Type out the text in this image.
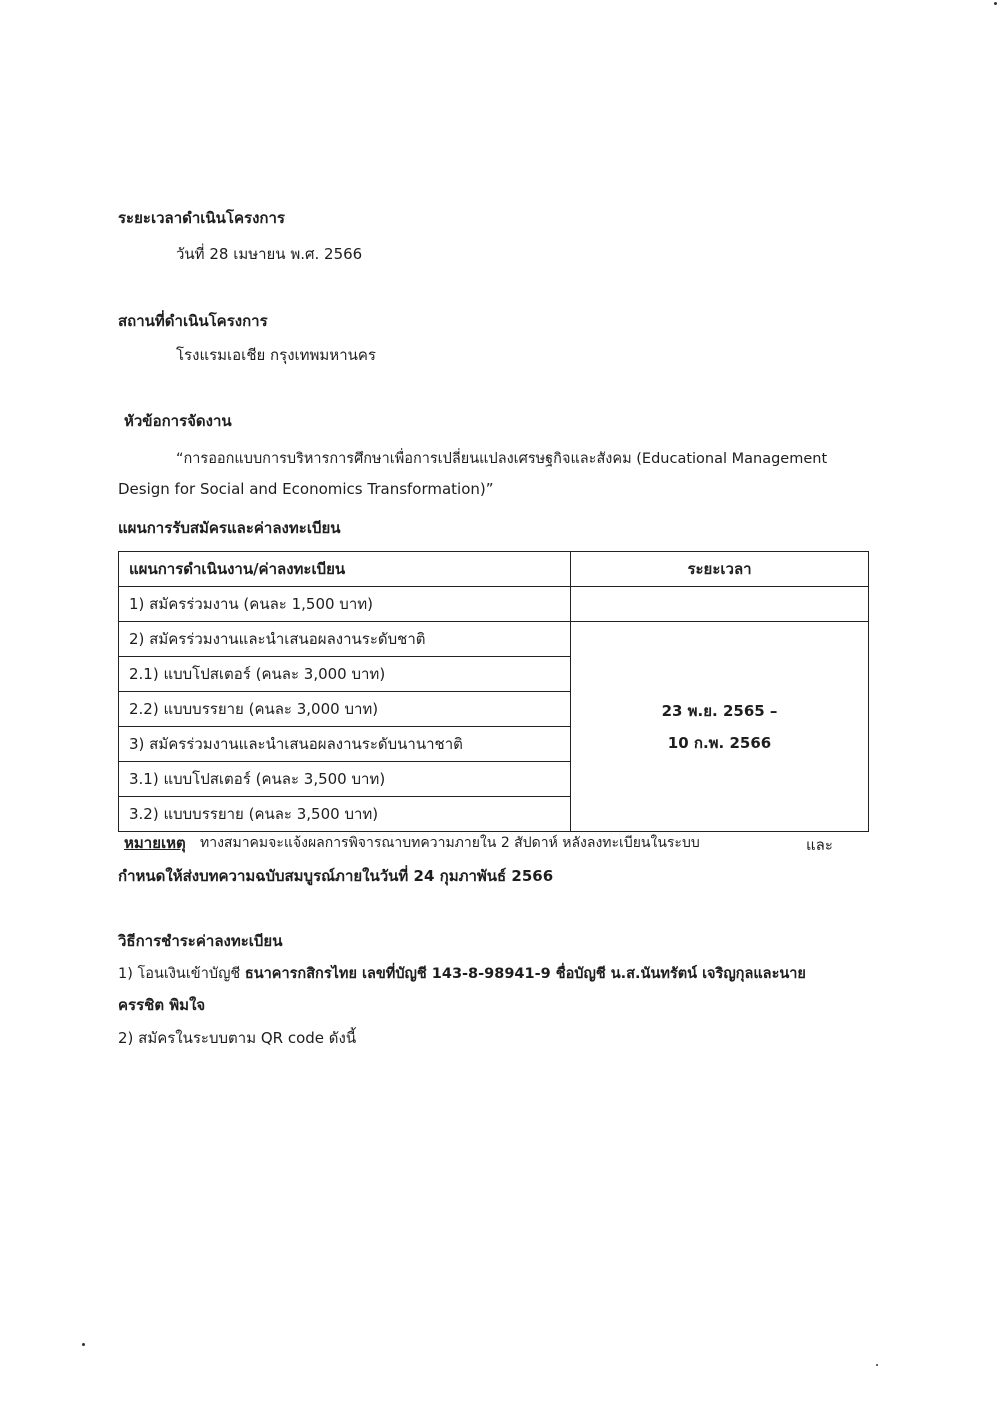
ระยะเวลาดำเนินโครงการ
วันที่ 28 เมษายน พ.ศ. 2566
สถานที่ดำเนินโครงการ
โรงแรมเอเชีย กรุงเทพมหานคร
หัวข้อการจัดงาน
“การออกแบบการบริหารการศึกษาเพื่อการเปลี่ยนแปลงเศรษฐกิจและสังคม (Educational Management
Design for Social and Economics Transformation)”
แผนการรับสมัครและค่าลงทะเบียน
แผนการดำเนินงาน/ค่าลงทะเบียน	ระยะเวลา
1) สมัครร่วมงาน (คนละ 1,500 บาท)	
2) สมัครร่วมงานและนำเสนอผลงานระดับชาติ	23 พ.ย. 2565 –
10 ก.พ. 2566

2.1) แบบโปสเตอร์ (คนละ 3,000 บาท)	
2.2) แบบบรรยาย (คนละ 3,000 บาท)	
3) สมัครร่วมงานและนำเสนอผลงานระดับนานาชาติ	
3.1) แบบโปสเตอร์ (คนละ 3,500 บาท)	
3.2) แบบบรรยาย (คนละ 3,500 บาท)	
หมายเหตุ ทางสมาคมจะแจ้งผลการพิจารณาบทความภายใน 2 สัปดาห์ หลังลงทะเบียนในระบบ	และ
กำหนดให้ส่งบทความฉบับสมบูรณ์ภายในวันที่ 24 กุมภาพันธ์ 2566
วิธีการชำระค่าลงทะเบียน
1) โอนเงินเข้าบัญชี ธนาคารกสิกรไทย เลขที่บัญชี 143-8-98941-9 ชื่อบัญชี น.ส.นันทรัตน์ เจริญกุลและนาย
ครรชิต พิมใจ
2) สมัครในระบบตาม QR code ดังนี้
